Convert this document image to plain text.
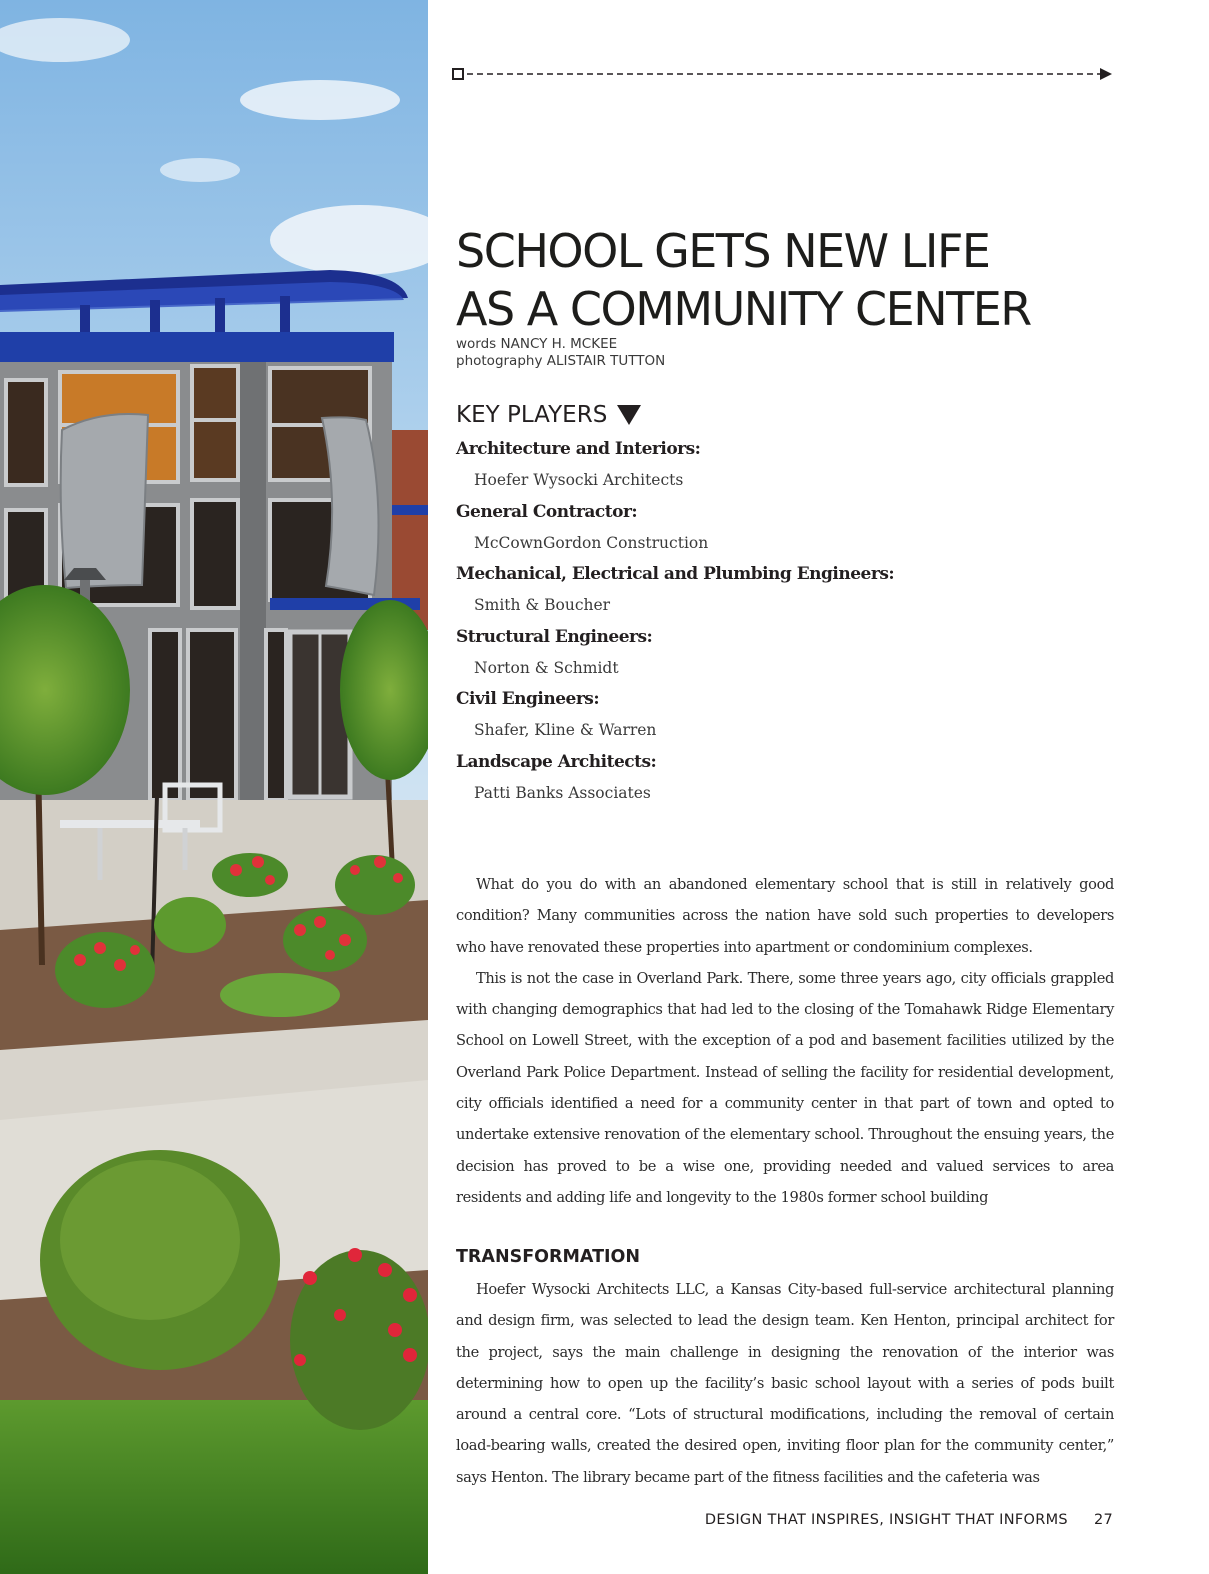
SCHOOL GETS NEW LIFE
AS A COMMUNITY CENTER
words NANCY H. MCKEE
photography ALISTAIR TUTTON
KEY PLAYERS
Architecture and Interiors:
Hoefer Wysocki Architects
General Contractor:
McCownGordon Construction
Mechanical, Electrical and Plumbing Engineers:
Smith & Boucher
Structural Engineers:
Norton & Schmidt
Civil Engineers:
Shafer, Kline & Warren
Landscape Architects:
Patti Banks Associates

What do you do with an abandoned elementary school that is still in relatively good condition? Many communities across the nation have sold such properties to developers who have renovated these properties into apartment or condominium complexes.

This is not the case in Overland Park. There, some three years ago, city officials grappled with changing demographics that had led to the closing of the Tomahawk Ridge Elementary School on Lowell Street, with the exception of a pod and basement facilities utilized by the Overland Park Police Department. Instead of selling the facility for residential development, city officials identified a need for a community center in that part of town and opted to undertake extensive renovation of the elementary school. Throughout the ensuing years, the decision has proved to be a wise one, providing needed and valued services to area residents and adding life and longevity to the 1980s former school building

TRANSFORMATION

Hoefer Wysocki Architects LLC, a Kansas City-based full-service architectural planning and design firm, was selected to lead the design team. Ken Henton, principal architect for the project, says the main challenge in designing the renovation of the interior was determining how to open up the facility’s basic school layout with a series of pods built around a central core. “Lots of structural modifications, including the removal of certain load-bearing walls, created the desired open, inviting floor plan for the community center,” says Henton. The library became part of the fitness facilities and the cafeteria was

DESIGN THAT INSPIRES, INSIGHT THAT INFORMS 27
